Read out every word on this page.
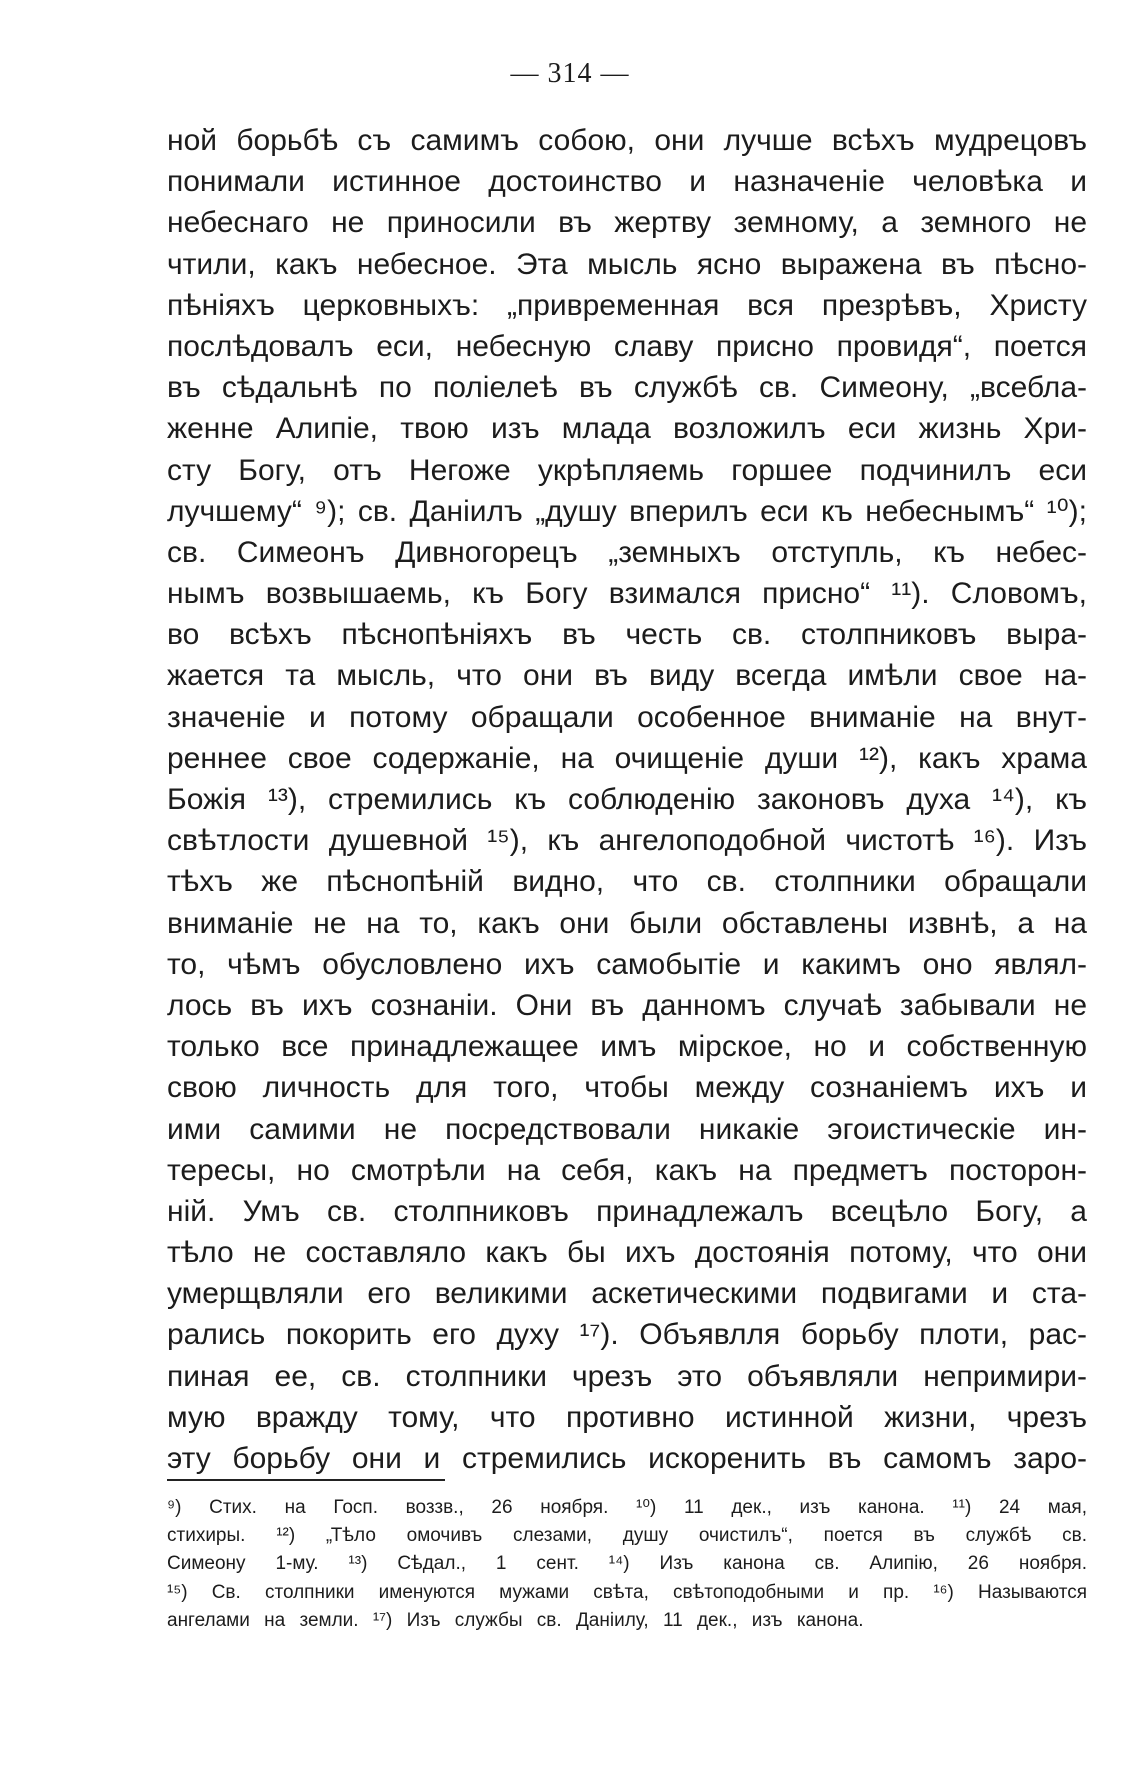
— 314 —
ной борьбѣ съ самимъ собою, они лучше всѣхъ мудрецовъ
понимали истинное достоинство и назначеніе человѣка и
небеснаго не приносили въ жертву земному, а земного не
чтили, какъ небесное. Эта мысль ясно выражена въ пѣсно-
пѣніяхъ церковныхъ: „привременная вся презрѣвъ, Христу
послѣдовалъ еси, небесную славу присно провидя“, поется
въ сѣдальнѣ по поліелеѣ въ службѣ св. Симеону, „всебла-
женне Алипіе, твою изъ млада возложилъ еси жизнь Хри-
сту Богу, отъ Негоже укрѣпляемь горшее подчинилъ еси
лучшему“ ⁹); св. Даніилъ „душу вперилъ еси къ небеснымъ“ ¹⁰);
св. Симеонъ Дивногорецъ „земныхъ отступль, къ небес-
нымъ возвышаемь, къ Богу взимался присно“ ¹¹). Словомъ,
во всѣхъ пѣснопѣніяхъ въ честь св. столпниковъ выра-
жается та мысль, что они въ виду всегда имѣли свое на-
значеніе и потому обращали особенное вниманіе на внут-
реннее свое содержаніе, на очищеніе души ¹²), какъ храма
Божія ¹³), стремились къ соблюденію законовъ духа ¹⁴), къ
свѣтлости душевной ¹⁵), къ ангелоподобной чистотѣ ¹⁶). Изъ
тѣхъ же пѣснопѣній видно, что св. столпники обращали
вниманіе не на то, какъ они были обставлены извнѣ, а на
то, чѣмъ обусловлено ихъ самобытіе и какимъ оно являл-
лось въ ихъ сознаніи. Они въ данномъ случаѣ забывали не
только все принадлежащее имъ мірское, но и собственную
свою личность для того, чтобы между сознаніемъ ихъ и
ими самими не посредствовали никакіе эгоистическіе ин-
тересы, но смотрѣли на себя, какъ на предметъ посторон-
ній. Умъ св. столпниковъ принадлежалъ всецѣло Богу, а
тѣло не составляло какъ бы ихъ достоянія потому, что они
умерщвляли его великими аскетическими подвигами и ста-
рались покорить его духу ¹⁷). Объявлля борьбу плоти, рас-
пиная ее, св. столпники чрезъ это объявляли непримири-
мую вражду тому, что противно истинной жизни, чрезъ
эту борьбу они и стремились искоренить въ самомъ заро-
⁹) Стих. на Госп. воззв., 26 ноября. ¹⁰) 11 дек., изъ канона. ¹¹) 24 мая,
стихиры. ¹²) „Тѣло омочивъ слезами, душу очистилъ“, поется въ службѣ св.
Симеону 1-му. ¹³) Сѣдал., 1 сент. ¹⁴) Изъ канона св. Алипію, 26 ноября.
¹⁵) Св. столпники именуются мужами свѣта, свѣтоподобными и пр. ¹⁶) Называются
ангелами на земли. ¹⁷) Изъ службы св. Даніилу, 11 дек., изъ канона.
